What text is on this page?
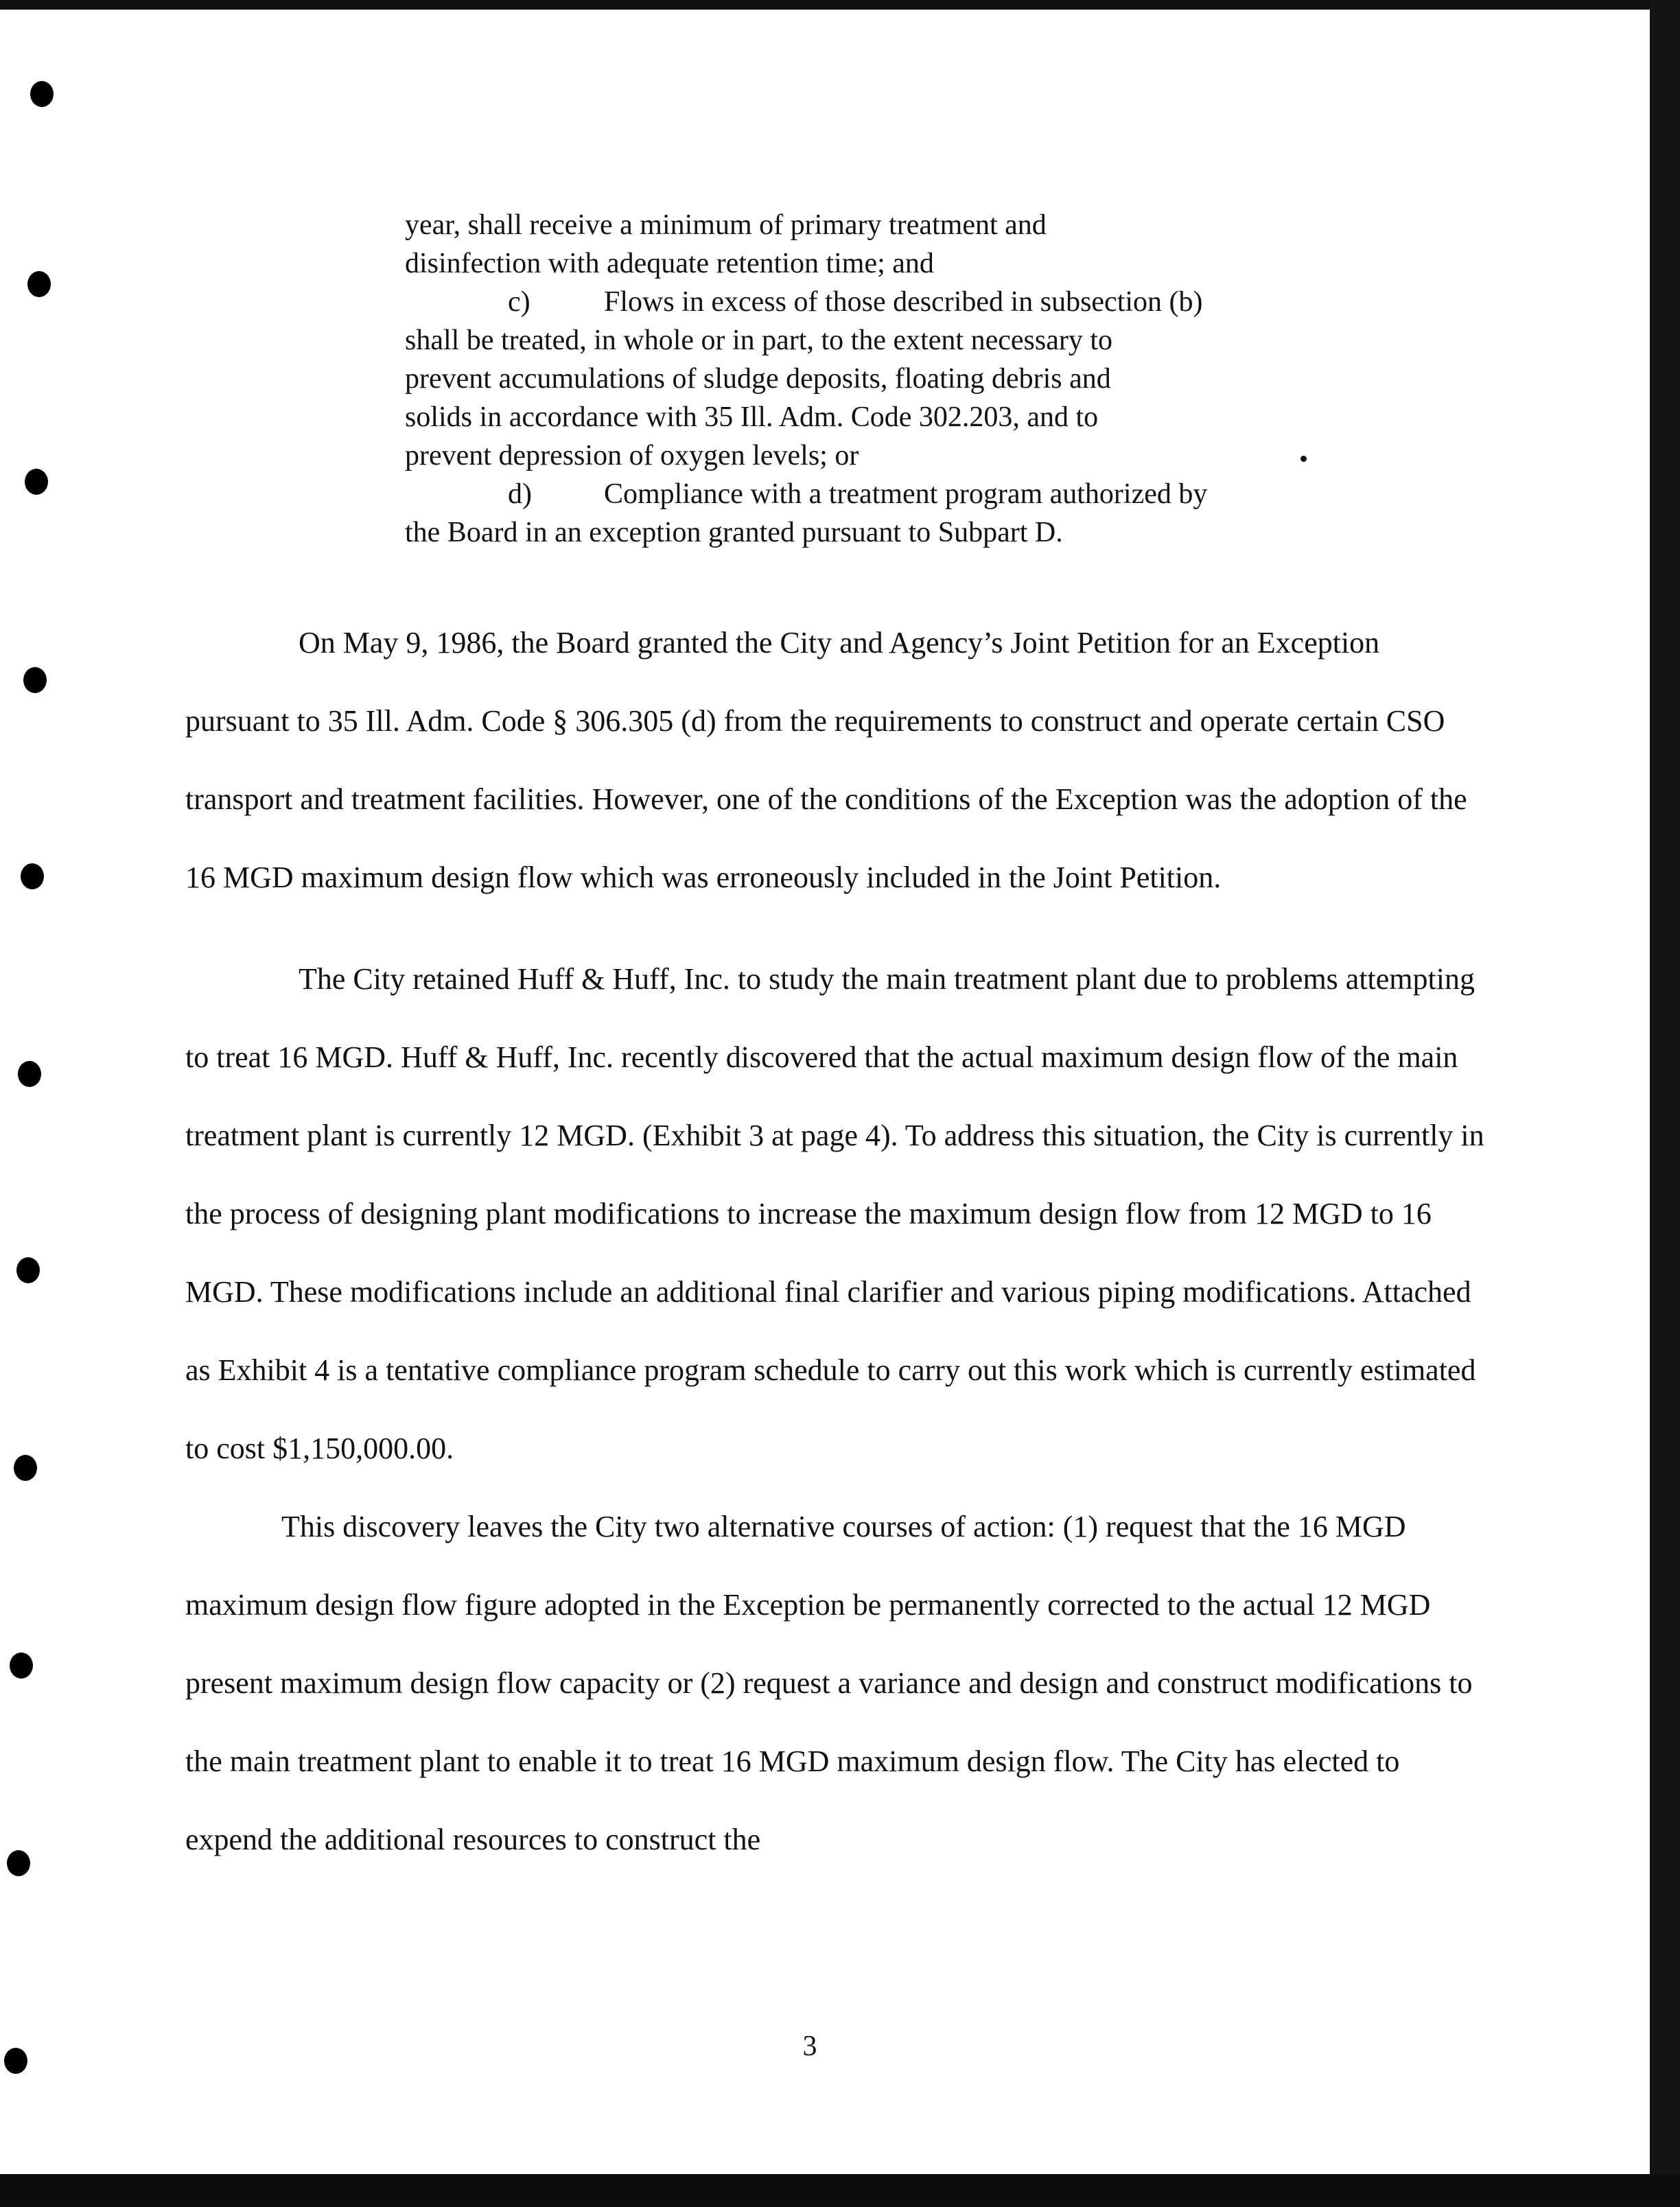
year, shall receive a minimum of primary treatment and
disinfection with adequate retention time; and
c)	Flows in excess of those described in subsection (b)
shall be treated, in whole or in part, to the extent necessary to
prevent accumulations of sludge deposits, floating debris and
solids in accordance with 35 Ill. Adm. Code 302.203, and to
prevent depression of oxygen levels; or
d)	Compliance with a treatment program authorized by
the Board in an exception granted pursuant to Subpart D.

On May 9, 1986, the Board granted the City and Agency’s Joint Petition for an Exception pursuant to 35 Ill. Adm. Code § 306.305 (d) from the requirements to construct and operate certain CSO transport and treatment facilities. However, one of the conditions of the Exception was the adoption of the 16 MGD maximum design flow which was erroneously included in the Joint Petition.

The City retained Huff & Huff, Inc. to study the main treatment plant due to problems attempting to treat 16 MGD. Huff & Huff, Inc. recently discovered that the actual maximum design flow of the main treatment plant is currently 12 MGD. (Exhibit 3 at page 4). To address this situation, the City is currently in the process of designing plant modifications to increase the maximum design flow from 12 MGD to 16 MGD. These modifications include an additional final clarifier and various piping modifications. Attached as Exhibit 4 is a tentative compliance program schedule to carry out this work which is currently estimated to cost $1,150,000.00.

This discovery leaves the City two alternative courses of action: (1) request that the 16 MGD maximum design flow figure adopted in the Exception be permanently corrected to the actual 12 MGD present maximum design flow capacity or (2) request a variance and design and construct modifications to the main treatment plant to enable it to treat 16 MGD maximum design flow. The City has elected to expend the additional resources to construct the

3
